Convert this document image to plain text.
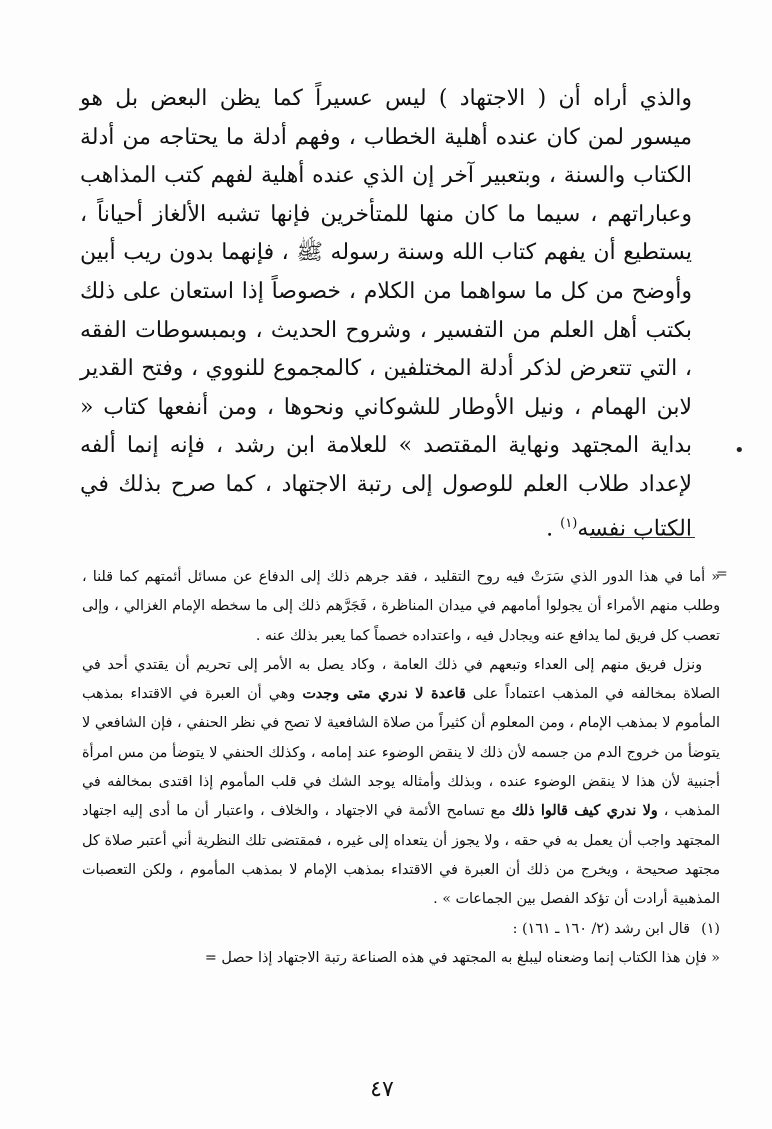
•
والذي أراه أن ( الاجتهاد ) ليس عسيراً كما يظن البعض بل هو ميسور لمن كان عنده أهلية الخطاب ، وفهم أدلة ما يحتاجه من أدلة الكتاب والسنة ، وبتعبير آخر إن الذي عنده أهلية لفهم كتب المذاهب وعباراتهم ، سيما ما كان منها للمتأخرين فإنها تشبه الألغاز أحياناً ، يستطيع أن يفهم كتاب الله وسنة رسوله ﷺ ، فإنهما بدون ريب أبين وأوضح من كل ما سواهما من الكلام ، خصوصاً إذا استعان على ذلك بكتب أهل العلم من التفسير ، وشروح الحديث ، وبمبسوطات الفقه ، التي تتعرض لذكر أدلة المختلفين ، كالمجموع للنووي ، وفتح القدير لابن الهمام ، ونيل الأوطار للشوكاني ونحوها ، ومن أنفعها كتاب « بداية المجتهد ونهاية المقتصد » للعلامة ابن رشد ، فإنه إنما ألفه لإعداد طلاب العلم للوصول إلى رتبة الاجتهاد ، كما صرح بذلك في الكتاب نفسه$^{(١)}$ .
=

« أما في هذا الدور الذي سَرَتْ فيه روح التقليد ، فقد جرهم ذلك إلى الدفاع عن مسائل أئمتهم كما قلنا ، وطلب منهم الأمراء أن يجولوا أمامهم في ميدان المناظرة ، فَجَرَّهم ذلك إلى ما سخطه الإمام الغزالي ، وإلى تعصب كل فريق لما يدافع عنه ويجادل فيه ، واعتداده خصماً كما يعبر بذلك عنه .

ونزل فريق منهم إلى العداء وتبعهم في ذلك العامة ، وكاد يصل به الأمر إلى تحريم أن يقتدي أحد في الصلاة بمخالفه في المذهب اعتماداً على قاعدة لا ندري متى وجدت وهي أن العبرة في الاقتداء بمذهب المأموم لا بمذهب الإمام ، ومن المعلوم أن كثيراً من صلاة الشافعية لا تصح في نظر الحنفي ، فإن الشافعي لا يتوضأ من خروج الدم من جسمه لأن ذلك لا ينقض الوضوء عند إمامه ، وكذلك الحنفي لا يتوضأ من مس امرأة أجنبية لأن هذا لا ينقض الوضوء عنده ، وبذلك وأمثاله يوجد الشك في قلب المأموم إذا اقتدى بمخالفه في المذهب ، ولا ندري كيف قالوا ذلك مع تسامح الأئمة في الاجتهاد ، والخلاف ، واعتبار أن ما أدى إليه اجتهاد المجتهد واجب أن يعمل به في حقه ، ولا يجوز أن يتعداه إلى غيره ، فمقتضى تلك النظرية أني أعتبر صلاة كل مجتهد صحيحة ، ويخرج من ذلك أن العبرة في الاقتداء بمذهب الإمام لا بمذهب المأموم ، ولكن التعصبات المذهبية أرادت أن تؤكد الفصل بين الجماعات » .

(١)قال ابن رشد (٢/ ١٦٠ ـ ١٦١) :

« فإن هذا الكتاب إنما وضعناه ليبلغ به المجتهد في هذه الصناعة رتبة الاجتهاد إذا حصل =

٤٧
